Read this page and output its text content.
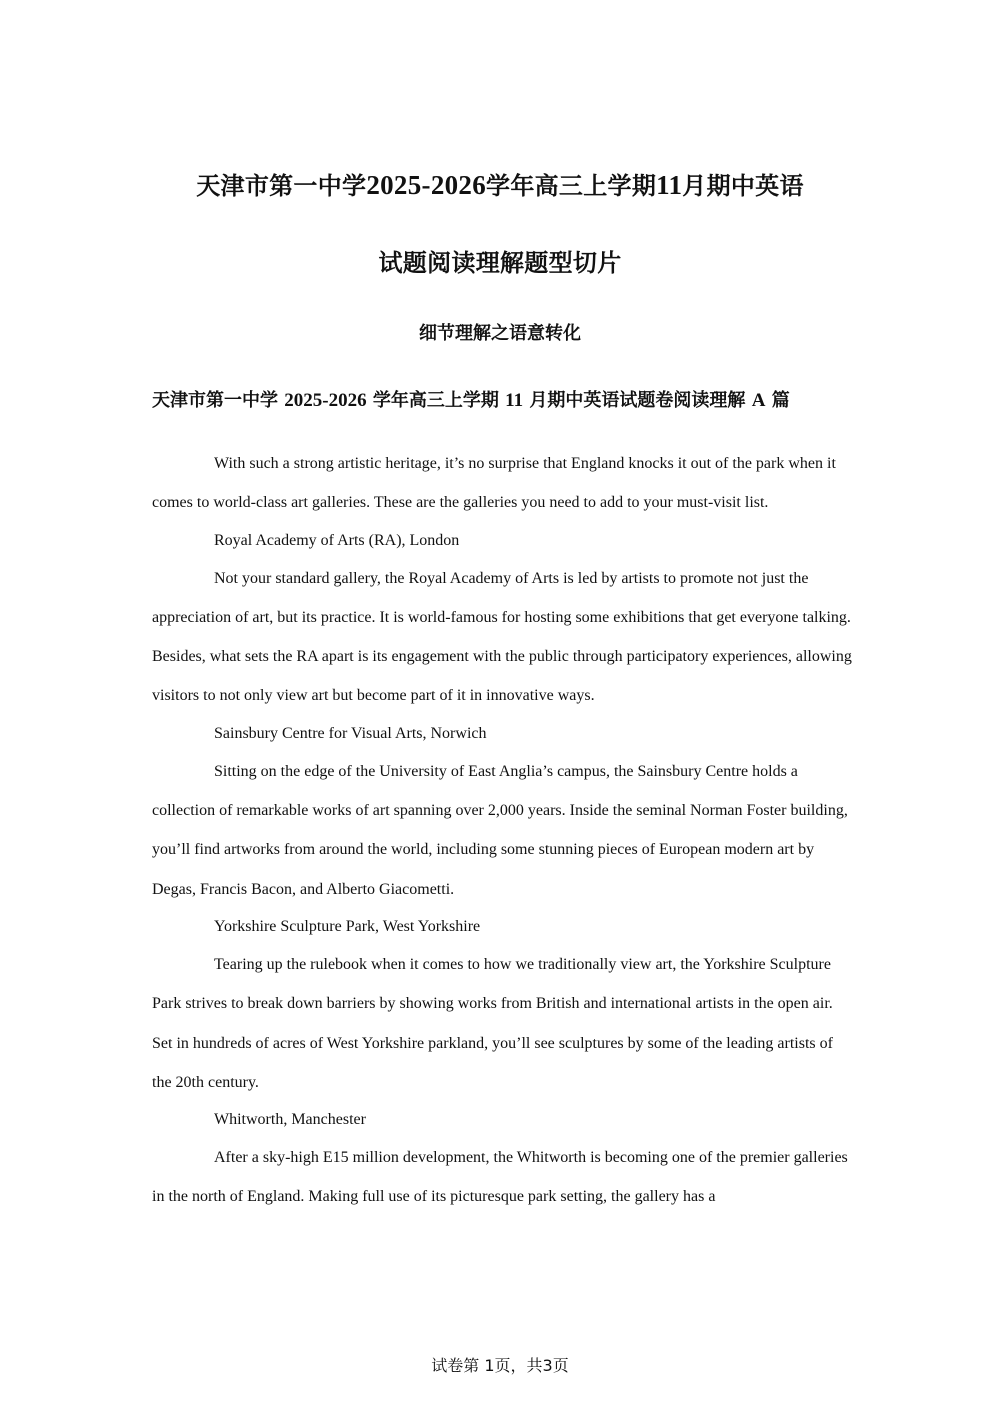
天津市第一中学2025-2026学年高三上学期11月期中英语
试题阅读理解题型切片
细节理解之语意转化
天津市第一中学 2025-2026 学年高三上学期 11 月期中英语试题卷阅读理解 A 篇

With such a strong artistic heritage, it’s no surprise that England knocks it out of the park when it comes to world-class art galleries. These are the galleries you need to add to your must-visit list.

Royal Academy of Arts (RA), London

Not your standard gallery, the Royal Academy of Arts is led by artists to promote not just the appreciation of art, but its practice. It is world-famous for hosting some exhibitions that get everyone talking. Besides, what sets the RA apart is its engagement with the public through participatory experiences, allowing visitors to not only view art but become part of it in innovative ways.

Sainsbury Centre for Visual Arts, Norwich

Sitting on the edge of the University of East Anglia’s campus, the Sainsbury Centre holds a collection of remarkable works of art spanning over 2,000 years. Inside the seminal Norman Foster building, you’ll find artworks from around the world, including some stunning pieces of European modern art by Degas, Francis Bacon, and Alberto Giacometti.

Yorkshire Sculpture Park, West Yorkshire

Tearing up the rulebook when it comes to how we traditionally view art, the Yorkshire Sculpture Park strives to break down barriers by showing works from British and international artists in the open air. Set in hundreds of acres of West Yorkshire parkland, you’ll see sculptures by some of the leading artists of the 20th century.

Whitworth, Manchester

After a sky-high E15 million development, the Whitworth is becoming one of the premier galleries in the north of England. Making full use of its picturesque park setting, the gallery has a

试卷第 1页，共3页
